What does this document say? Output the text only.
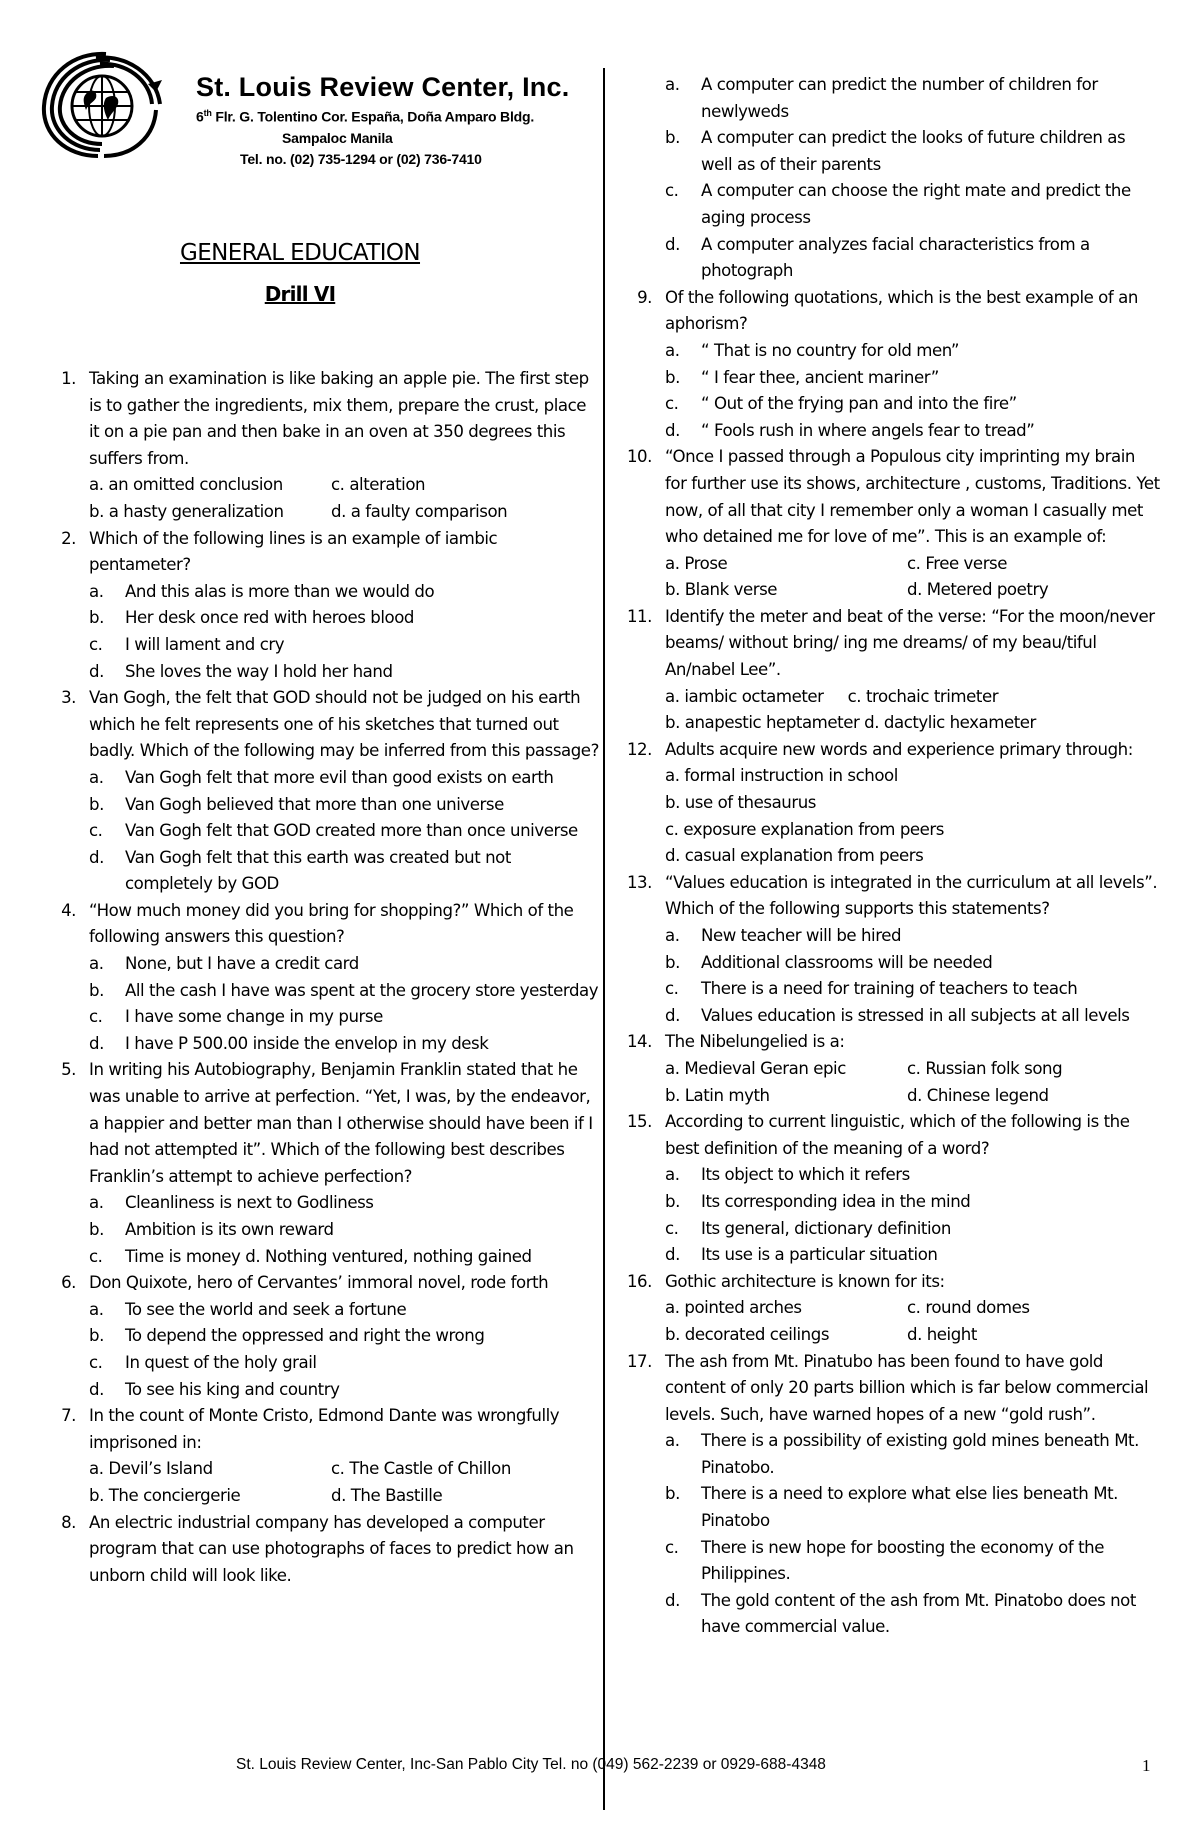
St. Louis Review Center, Inc.
6th Flr. G. Tolentino Cor. España, Doña Amparo Bldg.
Sampaloc Manila
Tel. no. (02) 735-1294 or (02) 736-7410
GENERAL EDUCATION
Drill VI
1. Taking an examination is like baking an apple pie. The first step is to gather the ingredients, mix them, prepare the crust, place it on a pie pan and then bake in an oven at 350 degrees this suffers from.
a. an omitted conclusion	c. alteration
b. a hasty generalization	d. a faulty comparison
2. Which of the following lines is an example of iambic pentameter?
a.	And this alas is more than we would do
b.	Her desk once red with heroes blood
c.	I will lament and cry
d.	She loves the way I hold her hand
3. Van Gogh, the felt that GOD should not be judged on his earth which he felt represents one of his sketches that turned out badly. Which of the following may be inferred from this passage?
a.	Van Gogh felt that more evil than good exists on earth
b.	Van Gogh believed that more than one universe
c.	Van Gogh felt that GOD created more than once universe
d.	Van Gogh felt that this earth was created but not completely by GOD
4. “How much money did you bring for shopping?” Which of the following answers this question?
a.	None, but I have a credit card
b.	All the cash I have was spent at the grocery store yesterday
c.	I have some change in my purse
d.	I have P 500.00 inside the envelop in my desk
5. In writing his Autobiography, Benjamin Franklin stated that he was unable to arrive at perfection. “Yet, I was, by the endeavor, a happier and better man than I otherwise should have been if I had not attempted it”. Which of the following best describes Franklin’s attempt to achieve perfection?
a.	Cleanliness is next to Godliness
b.	Ambition is its own reward
c.	Time is money d. Nothing ventured, nothing gained
6. Don Quixote, hero of Cervantes’ immoral novel, rode forth
a.	To see the world and seek a fortune
b.	To depend the oppressed and right the wrong
c.	In quest of the holy grail
d.	To see his king and country
7. In the count of Monte Cristo, Edmond Dante was wrongfully imprisoned in:
a. Devil’s Island	c. The Castle of Chillon
b. The conciergerie	d. The Bastille
8. An electric industrial company has developed a computer program that can use photographs of faces to predict how an unborn child will look like.
a.	A computer can predict the number of children for newlyweds
b.	A computer can predict the looks of future children as well as of their parents
c.	A computer can choose the right mate and predict the aging process
d.	A computer analyzes facial characteristics from a photograph
9. Of the following quotations, which is the best example of an aphorism?
a.	“ That is no country for old men”
b.	“ I fear thee, ancient mariner”
c.	“ Out of the frying pan and into the fire”
d.	“ Fools rush in where angels fear to tread”
10. “Once I passed through a Populous city imprinting my brain for further use its shows, architecture , customs, Traditions. Yet now, of all that city I remember only a woman I casually met who detained me for love of me”. This is an example of:
a. Prose	c. Free verse
b. Blank verse	d. Metered poetry
11. Identify the meter and beat of the verse: “For the moon/never beams/ without bring/ ing me dreams/ of my beau/tiful An/nabel Lee”.
a. iambic octameter     c. trochaic trimeter
b. anapestic heptameter d. dactylic hexameter
12. Adults acquire new words and experience primary through:
a. formal instruction in school
b. use of thesaurus
c. exposure explanation from peers
d. casual explanation from peers
13. “Values education is integrated in the curriculum at all levels”. Which of the following supports this statements?
a.	New teacher will be hired
b.	Additional classrooms will be needed
c.	There is a need for training of teachers to teach
d.	Values education is stressed in all subjects at all levels
14. The Nibelungelied is a:
a. Medieval Geran epic	c. Russian folk song
b. Latin myth	d. Chinese legend
15. According to current linguistic, which of the following is the best definition of the meaning of a word?
a.	Its object to which it refers
b.	Its corresponding idea in the mind
c.	Its general, dictionary definition
d.	Its use is a particular situation
16. Gothic architecture is known for its:
a. pointed arches	c. round domes
b. decorated ceilings	d. height
17. The ash from Mt. Pinatubo has been found to have gold content of only 20 parts billion which is far below commercial levels. Such, have warned hopes of a new “gold rush”.
a.	There is a possibility of existing gold mines beneath Mt. Pinatobo.
b.	There is a need to explore what else lies beneath Mt. Pinatobo
c.	There is new hope for boosting the economy of the Philippines.
d.	The gold content of the ash from Mt. Pinatobo does not have commercial value.
St. Louis Review Center, Inc-San Pablo City Tel. no (049) 562-2239 or 0929-688-4348	1
